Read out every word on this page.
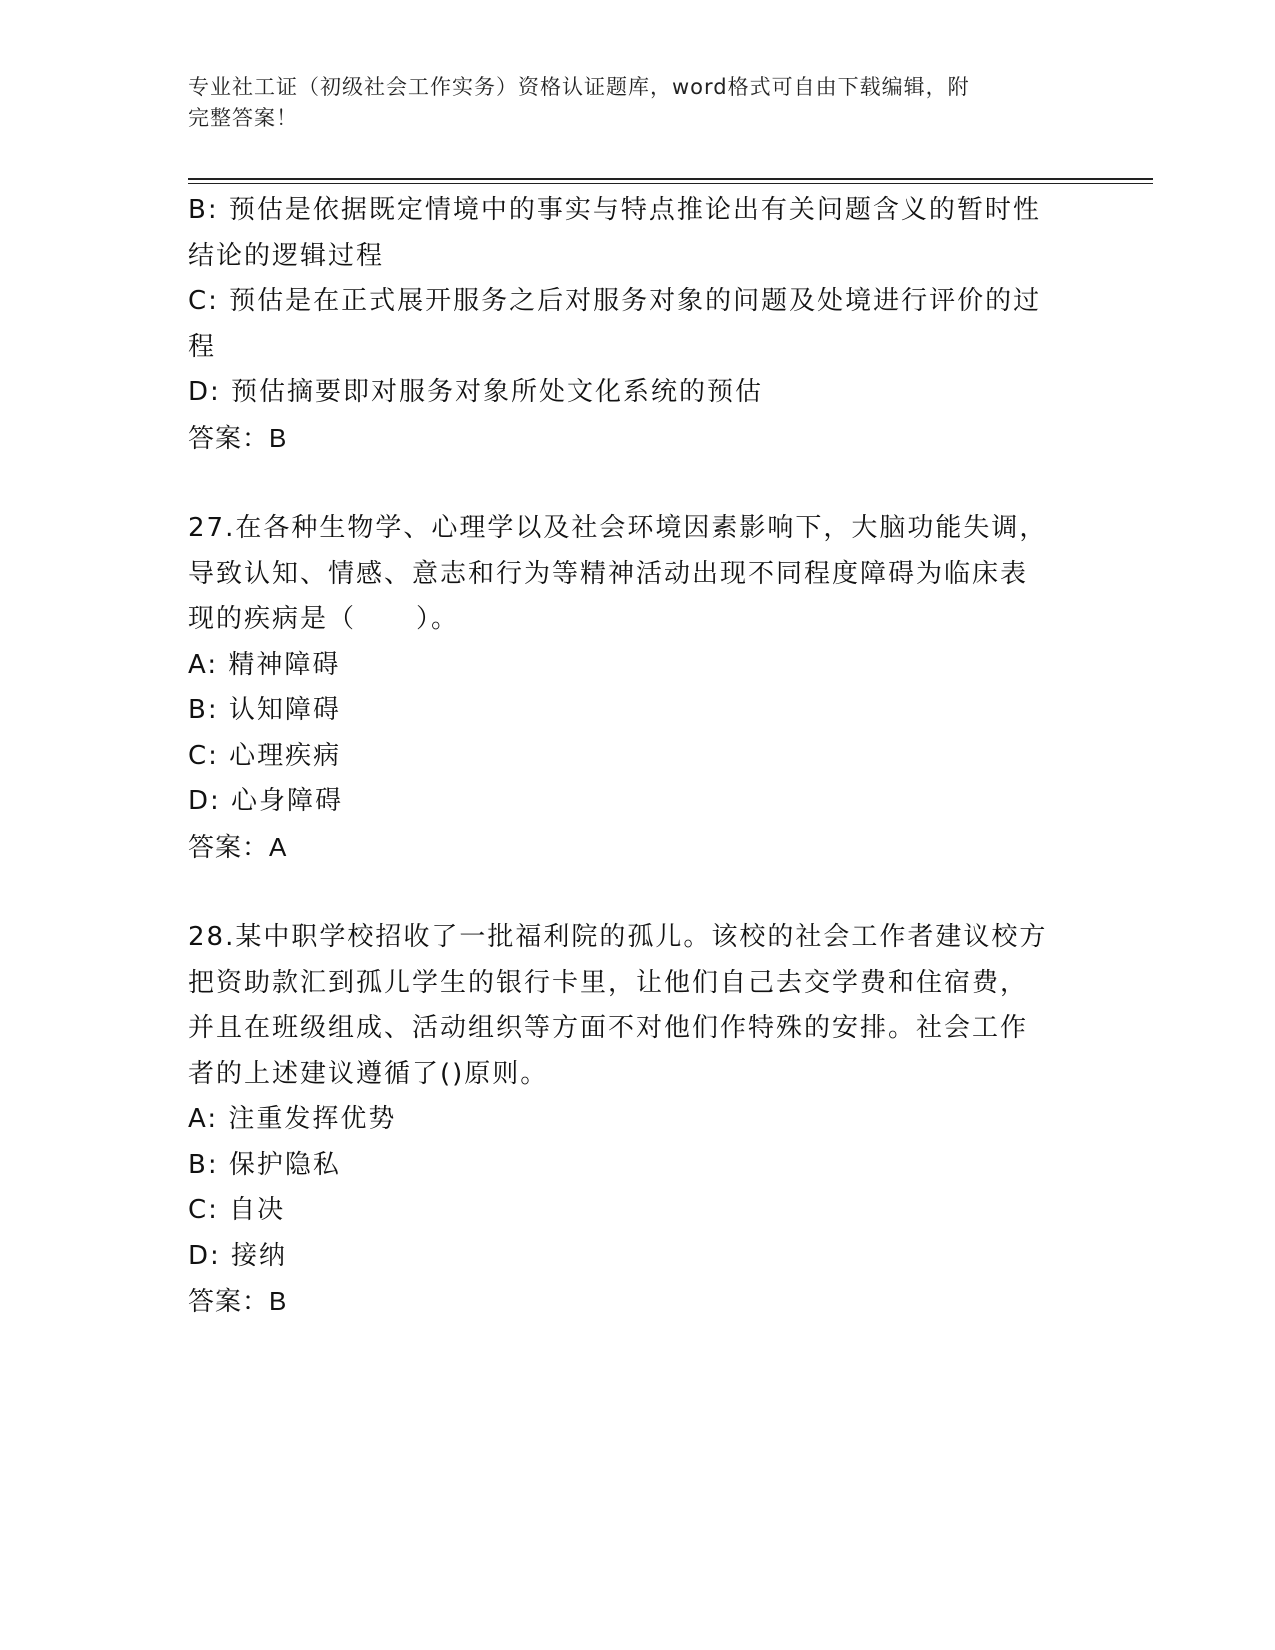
专业社工证（初级社会工作实务）资格认证题库，word格式可自由下载编辑，附
完整答案！

B: 预估是依据既定情境中的事实与特点推论出有关问题含义的暂时性

结论的逻辑过程

C: 预估是在正式展开服务之后对服务对象的问题及处境进行评价的过

程

D: 预估摘要即对服务对象所处文化系统的预估

答案：B

27.在各种生物学、心理学以及社会环境因素影响下，大脑功能失调，

导致认知、情感、意志和行为等精神活动出现不同程度障碍为临床表

现的疾病是（ ）。

A: 精神障碍

B: 认知障碍

C: 心理疾病

D: 心身障碍

答案：A

28.某中职学校招收了一批福利院的孤儿。该校的社会工作者建议校方

把资助款汇到孤儿学生的银行卡里，让他们自己去交学费和住宿费，

并且在班级组成、活动组织等方面不对他们作特殊的安排。社会工作

者的上述建议遵循了()原则。

A: 注重发挥优势

B: 保护隐私

C: 自决

D: 接纳

答案：B
